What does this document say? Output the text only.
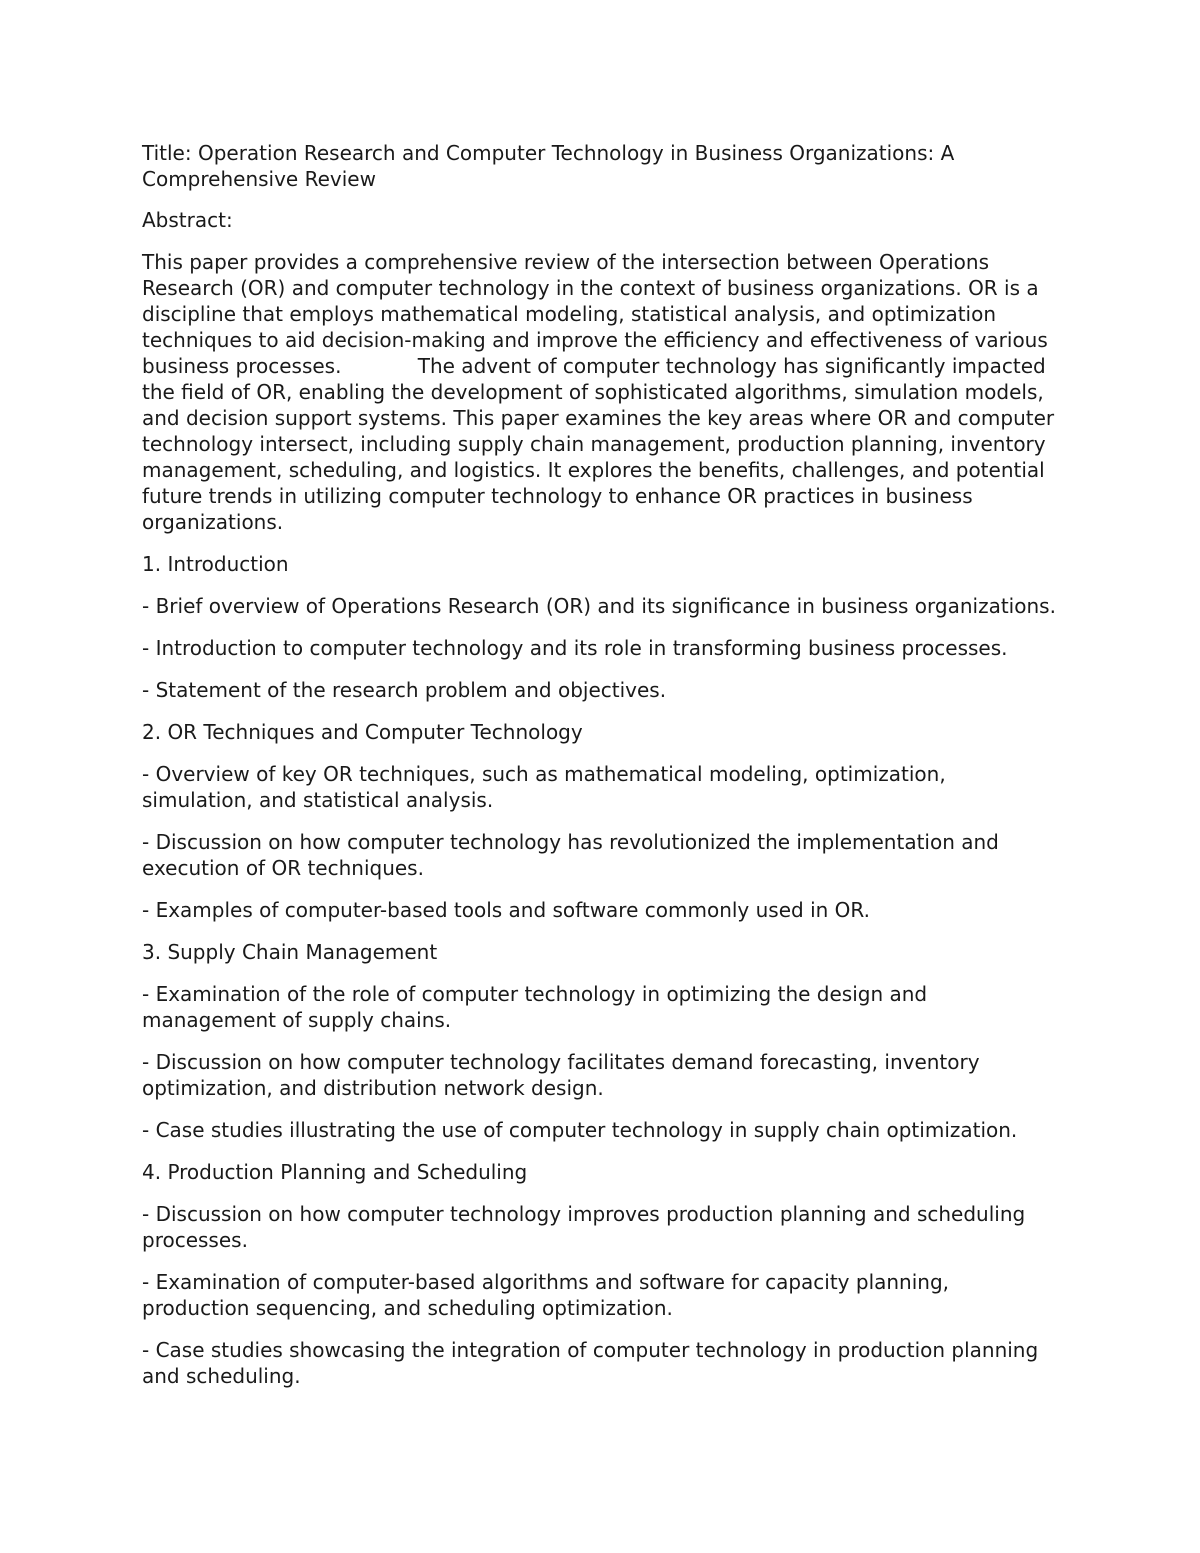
Title: Operation Research and Computer Technology in Business Organizations: A Comprehensive Review

Abstract:

This paper provides a comprehensive review of the intersection between Operations Research (OR) and computer technology in the context of business organizations. OR is a discipline that employs mathematical modeling, statistical analysis, and optimization techniques to aid decision-making and improve the efficiency and effectiveness of various business processes.            The advent of computer technology has significantly impacted the field of OR, enabling the development of sophisticated algorithms, simulation models, and decision support systems. This paper examines the key areas where OR and computer technology intersect, including supply chain management, production planning, inventory management, scheduling, and logistics. It explores the benefits, challenges, and potential future trends in utilizing computer technology to enhance OR practices in business organizations.

1. Introduction

- Brief overview of Operations Research (OR) and its significance in business organizations.

- Introduction to computer technology and its role in transforming business processes.

- Statement of the research problem and objectives.

2. OR Techniques and Computer Technology

- Overview of key OR techniques, such as mathematical modeling, optimization, simulation, and statistical analysis.

- Discussion on how computer technology has revolutionized the implementation and execution of OR techniques.

- Examples of computer-based tools and software commonly used in OR.

3. Supply Chain Management

- Examination of the role of computer technology in optimizing the design and management of supply chains.

- Discussion on how computer technology facilitates demand forecasting, inventory optimization, and distribution network design.

- Case studies illustrating the use of computer technology in supply chain optimization.

4. Production Planning and Scheduling

- Discussion on how computer technology improves production planning and scheduling processes.

- Examination of computer-based algorithms and software for capacity planning, production sequencing, and scheduling optimization.

- Case studies showcasing the integration of computer technology in production planning and scheduling.
